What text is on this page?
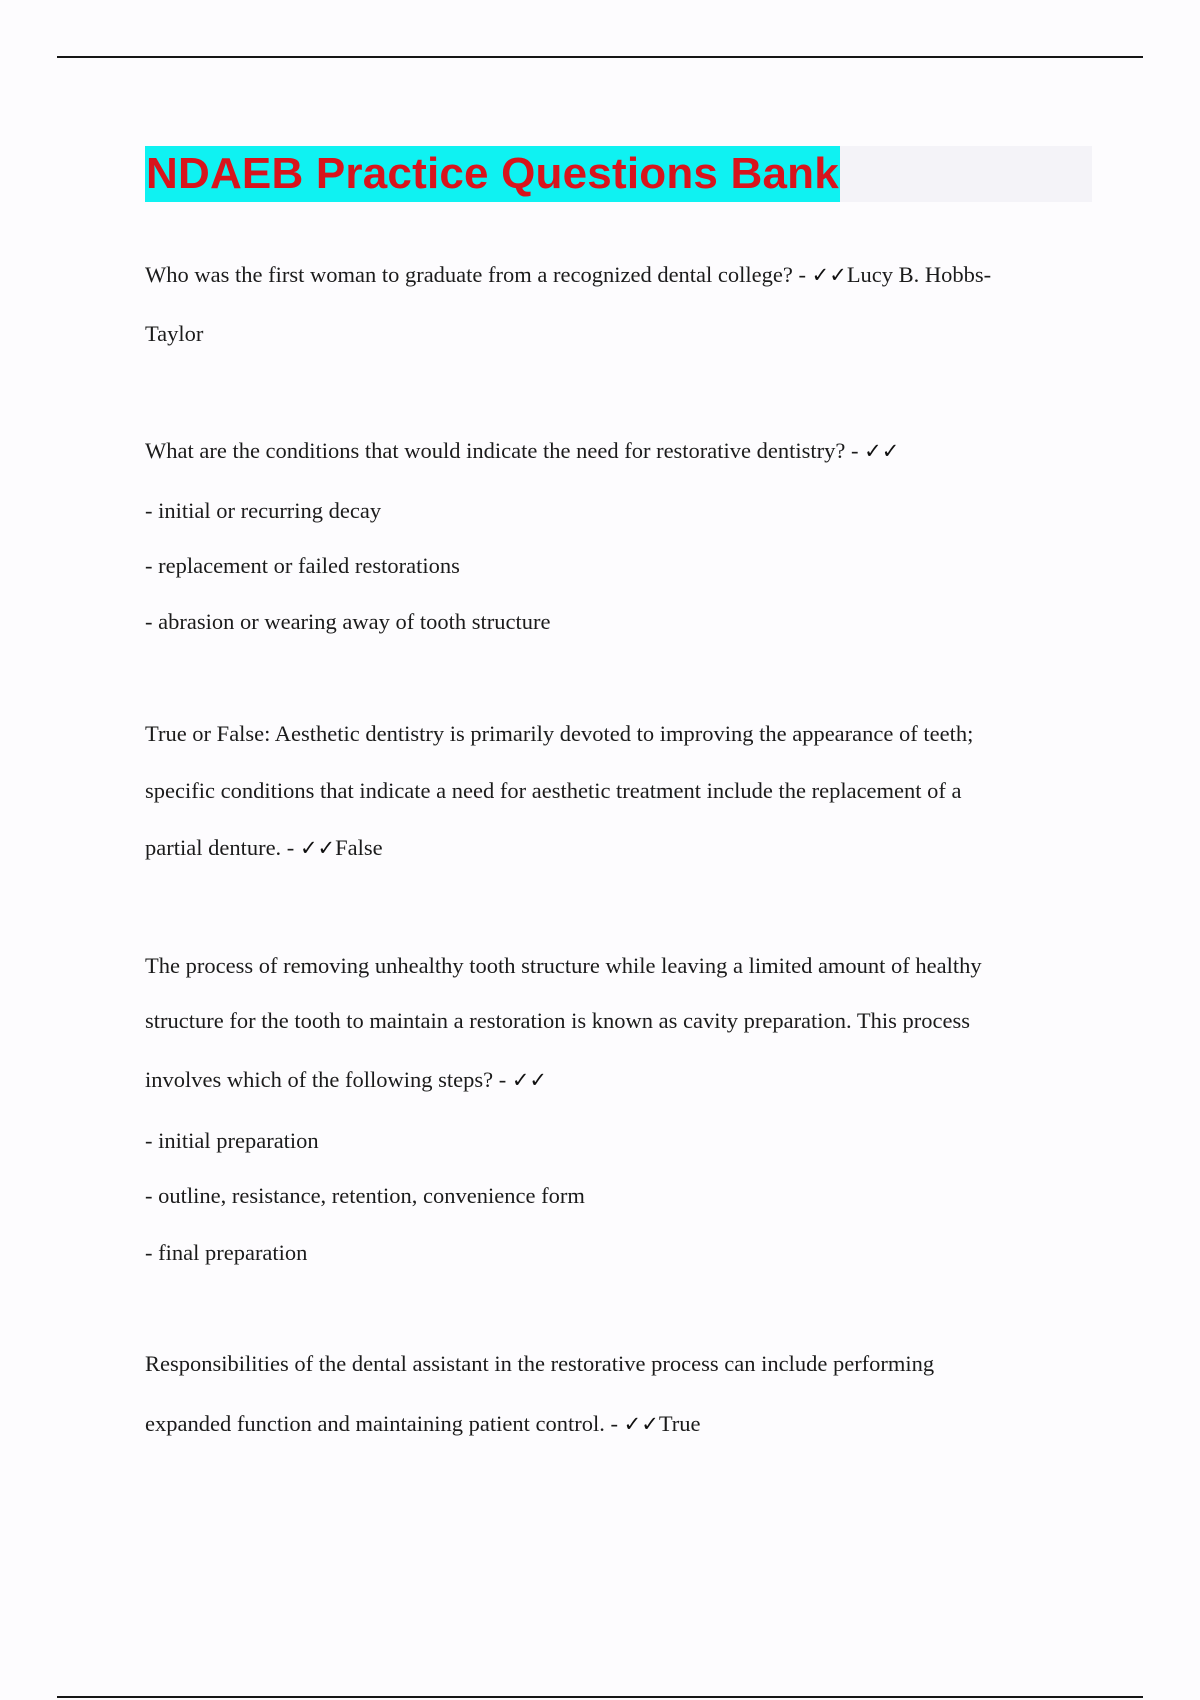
NDAEB Practice Questions Bank
Who was the first woman to graduate from a recognized dental college? - ✓✓Lucy B. Hobbs-
Taylor
What are the conditions that would indicate the need for restorative dentistry? - ✓✓
- initial or recurring decay
- replacement or failed restorations
- abrasion or wearing away of tooth structure
True or False: Aesthetic dentistry is primarily devoted to improving the appearance of teeth;
specific conditions that indicate a need for aesthetic treatment include the replacement of a
partial denture. - ✓✓False
The process of removing unhealthy tooth structure while leaving a limited amount of healthy
structure for the tooth to maintain a restoration is known as cavity preparation. This process
involves which of the following steps? - ✓✓
- initial preparation
- outline, resistance, retention, convenience form
- final preparation
Responsibilities of the dental assistant in the restorative process can include performing
expanded function and maintaining patient control. - ✓✓True
